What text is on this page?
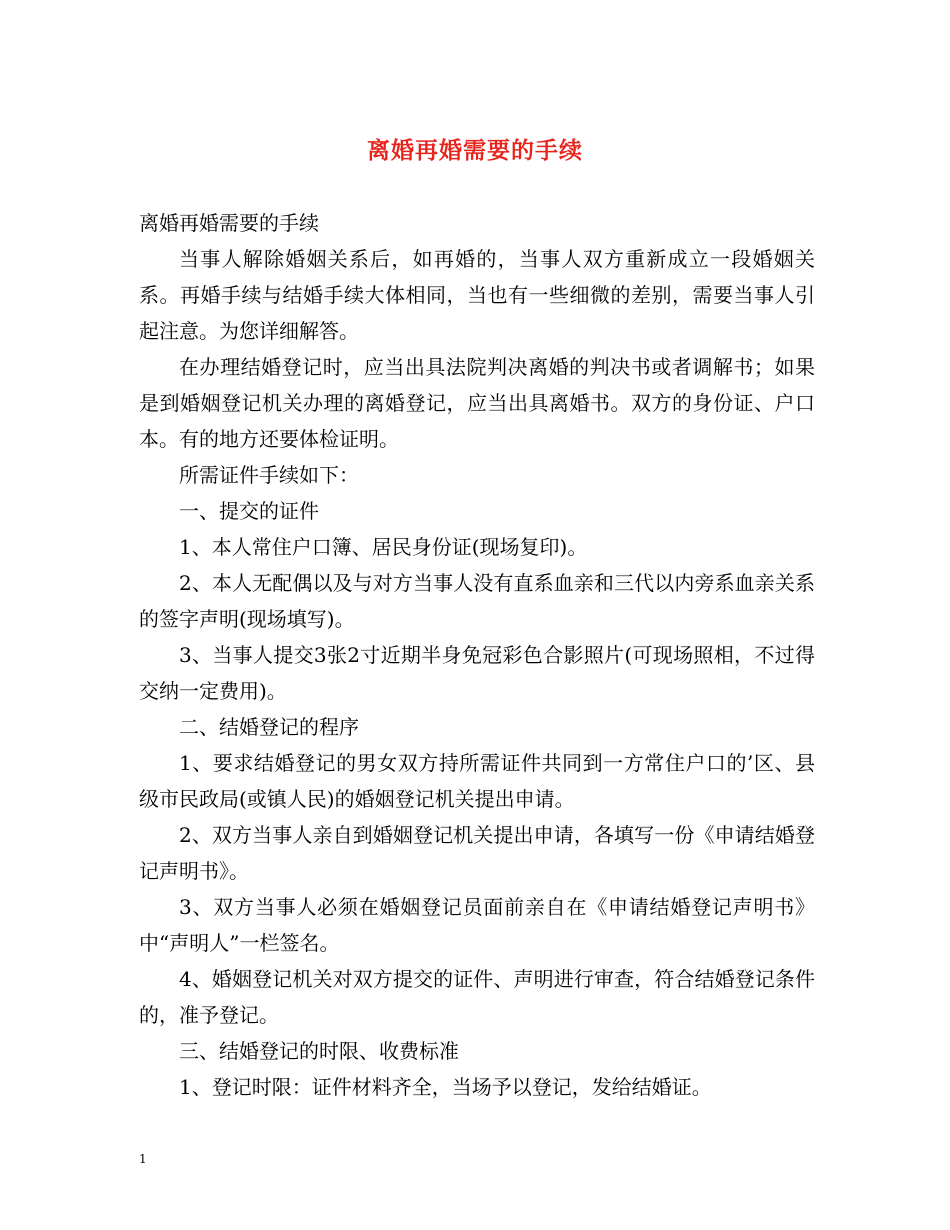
离婚再婚需要的手续

离婚再婚需要的手续

当事人解除婚姻关系后，如再婚的，当事人双方重新成立一段婚姻关系。再婚手续与结婚手续大体相同，当也有一些细微的差别，需要当事人引起注意。为您详细解答。

在办理结婚登记时，应当出具法院判决离婚的判决书或者调解书；如果是到婚姻登记机关办理的离婚登记，应当出具离婚书。双方的身份证、户口本。有的地方还要体检证明。

所需证件手续如下：

一、提交的证件

1、本人常住户口簿、居民身份证(现场复印)。

2、本人无配偶以及与对方当事人没有直系血亲和三代以内旁系血亲关系的签字声明(现场填写)。

3、当事人提交3张2寸近期半身免冠彩色合影照片(可现场照相，不过得交纳一定费用)。

二、结婚登记的程序

1、要求结婚登记的男女双方持所需证件共同到一方常住户口的’区、县级市民政局(或镇人民)的婚姻登记机关提出申请。

2、双方当事人亲自到婚姻登记机关提出申请，各填写一份《申请结婚登记声明书》。

3、双方当事人必须在婚姻登记员面前亲自在《申请结婚登记声明书》中“声明人”一栏签名。

4、婚姻登记机关对双方提交的证件、声明进行审查，符合结婚登记条件的，准予登记。

三、结婚登记的时限、收费标准

1、登记时限：证件材料齐全，当场予以登记，发给结婚证。

1
